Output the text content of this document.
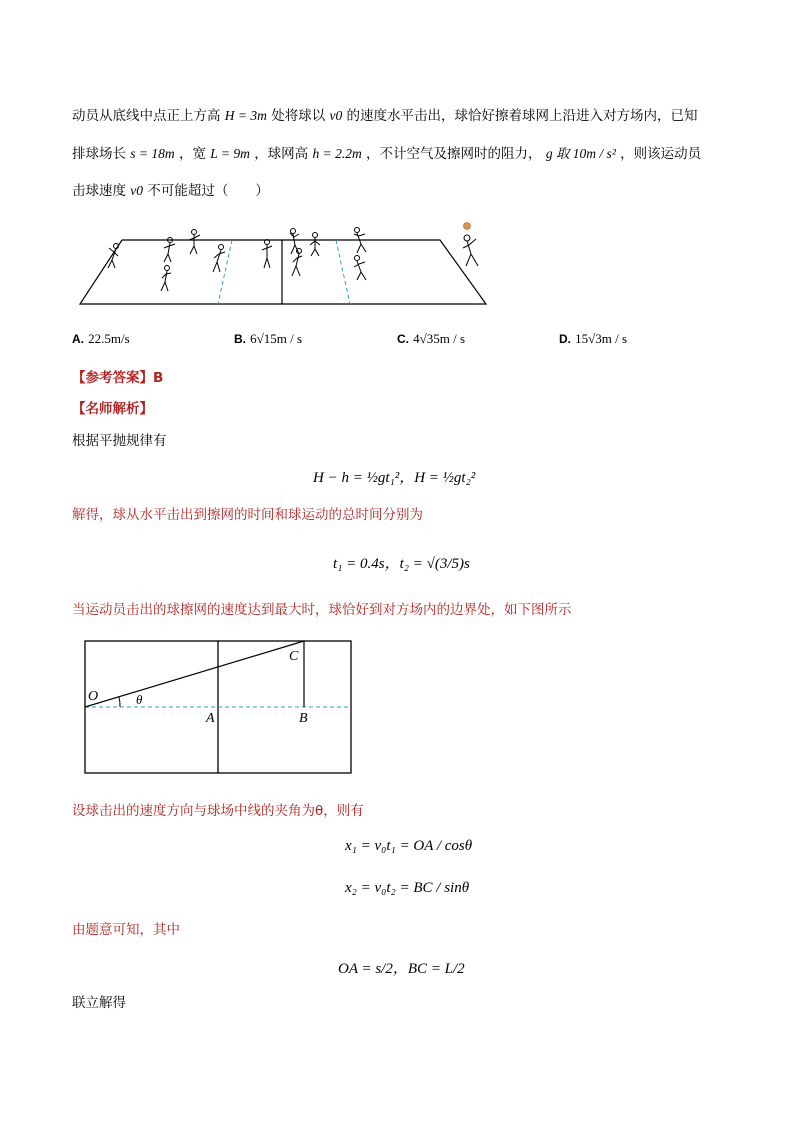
动员从底线中点正上方高 H = 3m 处将球以 v0 的速度水平击出，球恰好擦着球网上沿进入对方场内，已知
排球场长 s = 18m ，宽 L = 9m ，球网高 h = 2.2m ，不计空气及擦网时的阻力， g 取 10m / s² ，则该运动员
击球速度 v0 不可能超过（　　）
A. 22.5m/s	B. 6√15m / s	C. 4√35m / s	D. 15√3m / s
【参考答案】B
【名师解析】
根据平抛规律有
H − h = ½gt₁²，H = ½gt₂²
解得，球从水平击出到擦网的时间和球运动的总时间分别为
t₁ = 0.4s，t₂ = √(3/5)s
当运动员击出的球擦网的速度达到最大时，球恰好到对方场内的边界处，如下图所示
O	θ
A	B
C
设球击出的速度方向与球场中线的夹角为θ，则有
x₁ = v₀t₁ = OA / cosθ
x₂ = v₀t₂ = BC / sinθ
由题意可知，其中
OA = s/2，BC = L/2
联立解得
